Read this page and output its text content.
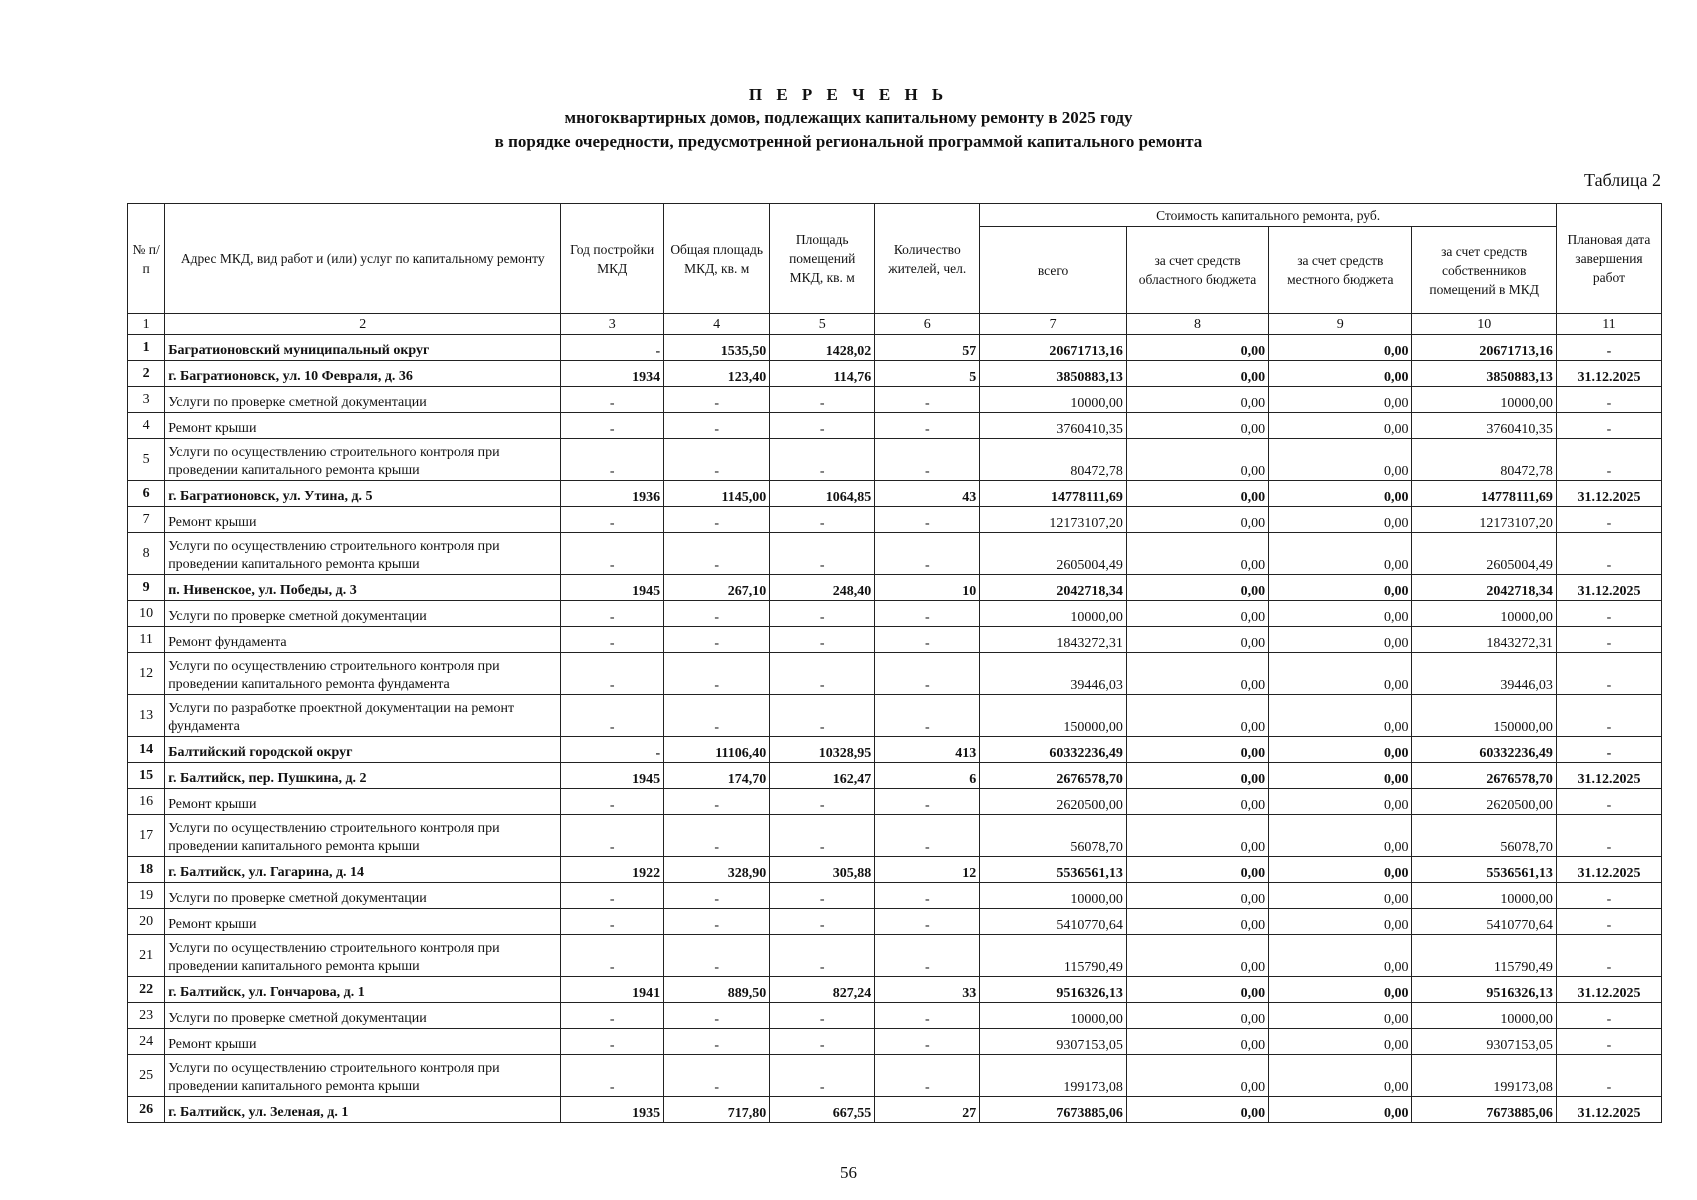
П Е Р Е Ч Е Н Ь
многоквартирных домов, подлежащих капитальному ремонту в 2025 году
в порядке очередности, предусмотренной региональной программой капитального ремонта
Таблица 2
№ п/п	Адрес МКД, вид работ и (или) услуг по капитальному ремонту	Год постройки МКД	Общая площадь МКД, кв. м	Площадь помещений МКД, кв. м	Количество жителей, чел.	Стоимость капитального ремонта, руб.				Плановая дата завершения работ
						всего	за счет средств областного бюджета	за счет средств местного бюджета	за счет средств собственников помещений в МКД	
1	2	3	4	5	6	7	8	9	10	11
1	Багратионовский муниципальный округ	-	1535,50	1428,02	57	20671713,16	0,00	0,00	20671713,16	-
2	г. Багратионовск, ул. 10 Февраля, д. 36	1934	123,40	114,76	5	3850883,13	0,00	0,00	3850883,13	31.12.2025
3	Услуги по проверке сметной документации	-	-	-	-	10000,00	0,00	0,00	10000,00	-
4	Ремонт крыши	-	-	-	-	3760410,35	0,00	0,00	3760410,35	-
5	Услуги по осуществлению строительного контроля при проведении капитального ремонта крыши	-	-	-	-	80472,78	0,00	0,00	80472,78	-
6	г. Багратионовск, ул. Утина, д. 5	1936	1145,00	1064,85	43	14778111,69	0,00	0,00	14778111,69	31.12.2025
7	Ремонт крыши	-	-	-	-	12173107,20	0,00	0,00	12173107,20	-
8	Услуги по осуществлению строительного контроля при проведении капитального ремонта крыши	-	-	-	-	2605004,49	0,00	0,00	2605004,49	-
9	п. Нивенское, ул. Победы, д. 3	1945	267,10	248,40	10	2042718,34	0,00	0,00	2042718,34	31.12.2025
10	Услуги по проверке сметной документации	-	-	-	-	10000,00	0,00	0,00	10000,00	-
11	Ремонт фундамента	-	-	-	-	1843272,31	0,00	0,00	1843272,31	-
12	Услуги по осуществлению строительного контроля при проведении капитального ремонта фундамента	-	-	-	-	39446,03	0,00	0,00	39446,03	-
13	Услуги по разработке проектной документации на ремонт фундамента	-	-	-	-	150000,00	0,00	0,00	150000,00	-
14	Балтийский городской округ	-	11106,40	10328,95	413	60332236,49	0,00	0,00	60332236,49	-
15	г. Балтийск, пер. Пушкина, д. 2	1945	174,70	162,47	6	2676578,70	0,00	0,00	2676578,70	31.12.2025
16	Ремонт крыши	-	-	-	-	2620500,00	0,00	0,00	2620500,00	-
17	Услуги по осуществлению строительного контроля при проведении капитального ремонта крыши	-	-	-	-	56078,70	0,00	0,00	56078,70	-
18	г. Балтийск, ул. Гагарина, д. 14	1922	328,90	305,88	12	5536561,13	0,00	0,00	5536561,13	31.12.2025
19	Услуги по проверке сметной документации	-	-	-	-	10000,00	0,00	0,00	10000,00	-
20	Ремонт крыши	-	-	-	-	5410770,64	0,00	0,00	5410770,64	-
21	Услуги по осуществлению строительного контроля при проведении капитального ремонта крыши	-	-	-	-	115790,49	0,00	0,00	115790,49	-
22	г. Балтийск, ул. Гончарова, д. 1	1941	889,50	827,24	33	9516326,13	0,00	0,00	9516326,13	31.12.2025
23	Услуги по проверке сметной документации	-	-	-	-	10000,00	0,00	0,00	10000,00	-
24	Ремонт крыши	-	-	-	-	9307153,05	0,00	0,00	9307153,05	-
25	Услуги по осуществлению строительного контроля при проведении капитального ремонта крыши	-	-	-	-	199173,08	0,00	0,00	199173,08	-
26	г. Балтийск, ул. Зеленая, д. 1	1935	717,80	667,55	27	7673885,06	0,00	0,00	7673885,06	31.12.2025
56
